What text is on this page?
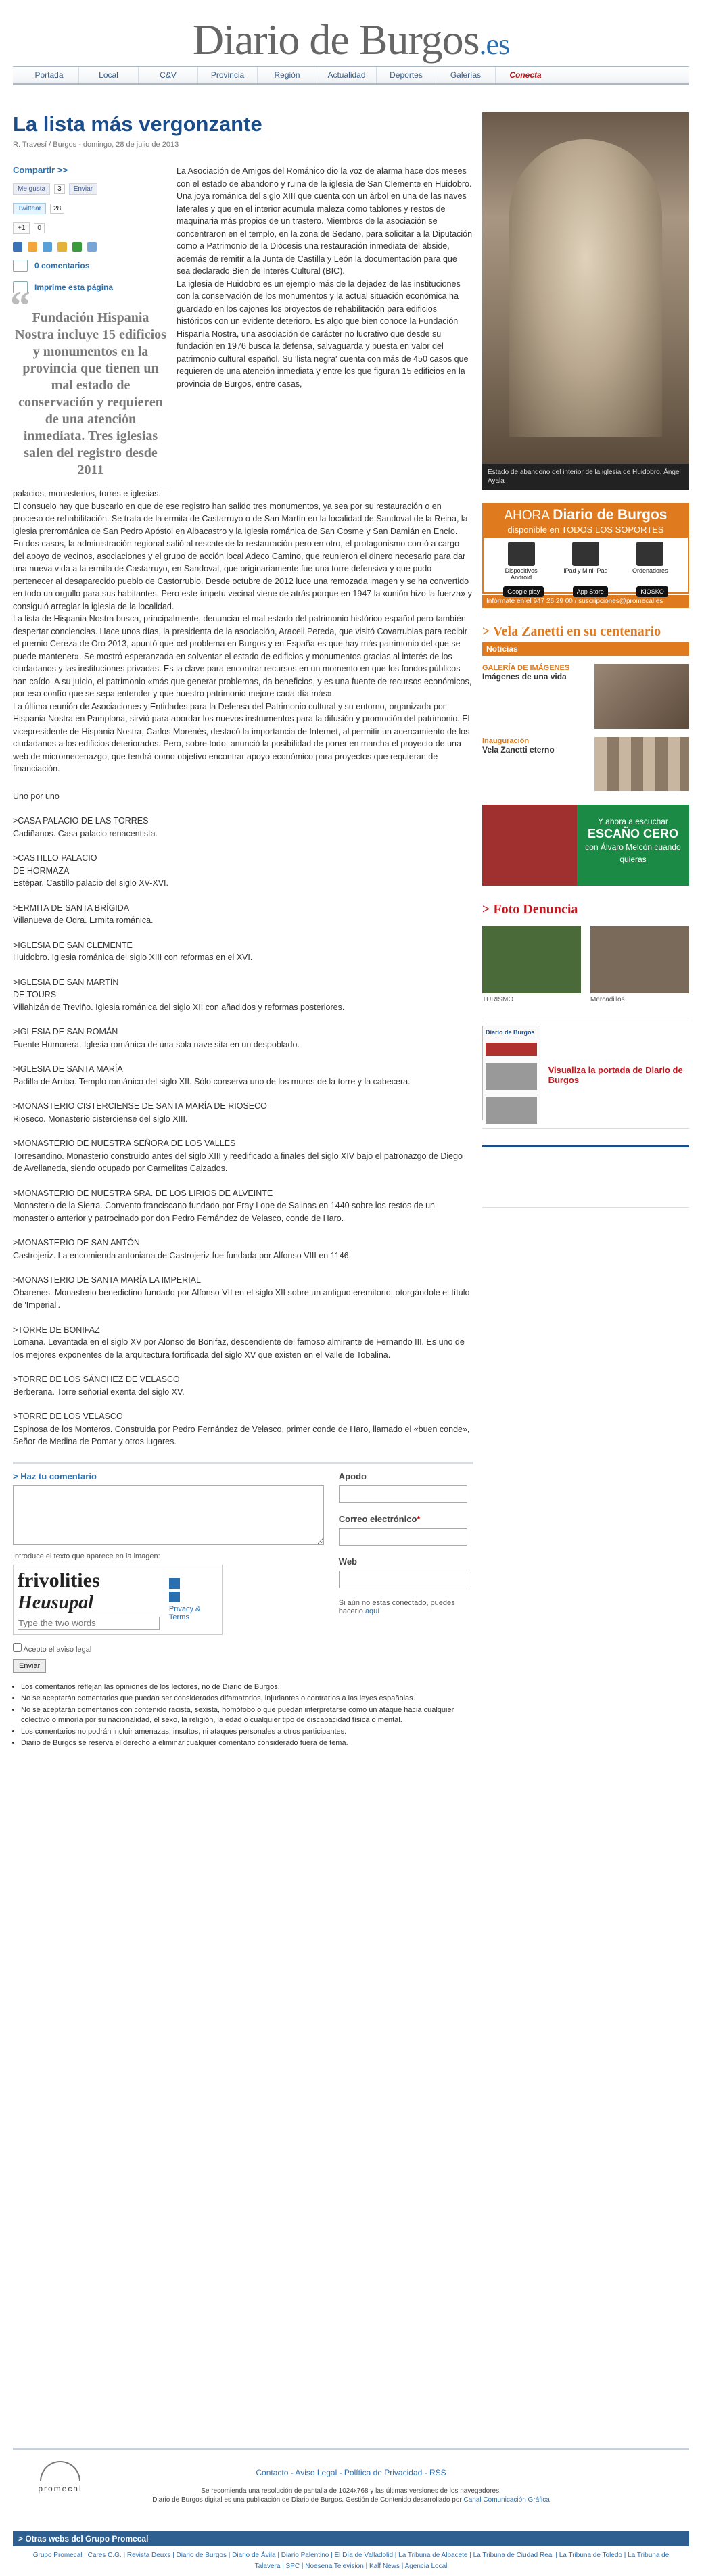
Diario de Burgos.es
Portada	Local	C&V	Provincia	Región	Actualidad	Deportes	Galerías	Conecta
La lista más vergonzante
R. Travesí / Burgos - domingo, 28 de julio de 2013
Compartir >>
Me gusta	3	Enviar
Twittear	28
+1	0
0 comentarios
Imprime esta página
“ Fundación Hispania Nostra incluye 15 edificios y monumentos en la provincia que tienen un mal estado de conservación y requieren de una atención inmediata. Tres iglesias salen del registro desde 2011

La Asociación de Amigos del Románico dio la voz de alarma hace dos meses con el estado de abandono y ruina de la iglesia de San Clemente en Huidobro. Una joya románica del siglo XIII que cuenta con un árbol en una de las naves laterales y que en el interior acumula maleza como tablones y restos de maquinaria más propios de un trastero. Miembros de la asociación se concentraron en el templo, en la zona de Sedano, para solicitar a la Diputación como a Patrimonio de la Diócesis una restauración inmediata del ábside, además de remitir a la Junta de Castilla y León la documentación para que sea declarado Bien de Interés Cultural (BIC).

La iglesia de Huidobro es un ejemplo más de la dejadez de las instituciones con la conservación de los monumentos y la actual situación económica ha guardado en los cajones los proyectos de rehabilitación para edificios históricos con un evidente deterioro. Es algo que bien conoce la Fundación Hispania Nostra, una asociación de carácter no lucrativo que desde su fundación en 1976 busca la defensa, salvaguarda y puesta en valor del patrimonio cultural español. Su 'lista negra' cuenta con más de 450 casos que requieren de una atención inmediata y entre los que figuran 15 edificios en la provincia de Burgos, entre casas,

palacios, monasterios, torres e iglesias.

El consuelo hay que buscarlo en que de ese registro han salido tres monumentos, ya sea por su restauración o en proceso de rehabilitación. Se trata de la ermita de Castarruyo o de San Martín en la localidad de Sandoval de la Reina, la iglesia prerrománica de San Pedro Apóstol en Albacastro y la iglesia románica de San Cosme y San Damián en Encío.

En dos casos, la administración regional salió al rescate de la restauración pero en otro, el protagonismo corrió a cargo del apoyo de vecinos, asociaciones y el grupo de acción local Adeco Camino, que reunieron el dinero necesario para dar una nueva vida a la ermita de Castarruyo, en Sandoval, que originariamente fue una torre defensiva y que pudo pertenecer al desaparecido pueblo de Castorrubio. Desde octubre de 2012 luce una remozada imagen y se ha convertido en todo un orgullo para sus habitantes. Pero este ímpetu vecinal viene de atrás porque en 1947 la «unión hizo la fuerza» y consiguió arreglar la iglesia de la localidad.

La lista de Hispania Nostra busca, principalmente, denunciar el mal estado del patrimonio histórico español pero también despertar conciencias. Hace unos días, la presidenta de la asociación, Araceli Pereda, que visitó Covarrubias para recibir el premio Cereza de Oro 2013, apuntó que «el problema en Burgos y en España es que hay más patrimonio del que se puede mantener». Se mostró esperanzada en solventar el estado de edificios y monumentos gracias al interés de los ciudadanos y las instituciones privadas. Es la clave para encontrar recursos en un momento en que los fondos públicos han caído. A su juicio, el patrimonio «más que generar problemas, da beneficios, y es una fuente de recursos económicos, por eso confío que se sepa entender y que nuestro patrimonio mejore cada día más».

La última reunión de Asociaciones y Entidades para la Defensa del Patrimonio cultural y su entorno, organizada por Hispania Nostra en Pamplona, sirvió para abordar los nuevos instrumentos para la difusión y promoción del patrimonio. El vicepresidente de Hispania Nostra, Carlos Morenés, destacó la importancia de Internet, al permitir un acercamiento de los ciudadanos a los edificios deteriorados. Pero, sobre todo, anunció la posibilidad de poner en marcha el proyecto de una web de micromecenazgo, que tendrá como objetivo encontrar apoyo económico para proyectos que requieran de financiación.

Uno por uno
>CASA PALACIO DE LAS TORRES
Cadiñanos. Casa palacio renacentista.
>CASTILLO PALACIO
DE HORMAZA
Estépar. Castillo palacio del siglo XV-XVI.
>ERMITA DE SANTA BRÍGIDA
Villanueva de Odra. Ermita románica.
>IGLESIA DE SAN CLEMENTE
Huidobro. Iglesia románica del siglo XIII con reformas en el XVI.
>IGLESIA DE SAN MARTÍN
DE TOURS
Villahizán de Treviño. Iglesia románica del siglo XII con añadidos y reformas posteriores.
>IGLESIA DE SAN ROMÁN
Fuente Humorera. Iglesia románica de una sola nave sita en un despoblado.
>IGLESIA DE SANTA MARÍA
Padilla de Arriba. Templo románico del siglo XII. Sólo conserva uno de los muros de la torre y la cabecera.
>MONASTERIO CISTERCIENSE DE SANTA MARÍA DE RIOSECO
Rioseco. Monasterio cisterciense del siglo XIII.
>MONASTERIO DE NUESTRA SEÑORA DE LOS VALLES
Torresandino. Monasterio construido antes del siglo XIII y reedificado a finales del siglo XIV bajo el patronazgo de Diego de Avellaneda, siendo ocupado por Carmelitas Calzados.
>MONASTERIO DE NUESTRA SRA. DE LOS LIRIOS DE ALVEINTE
Monasterio de la Sierra. Convento franciscano fundado por Fray Lope de Salinas en 1440 sobre los restos de un monasterio anterior y patrocinado por don Pedro Fernández de Velasco, conde de Haro.
>MONASTERIO DE SAN ANTÓN
Castrojeriz. La encomienda antoniana de Castrojeriz fue fundada por Alfonso VIII en 1146.
>MONASTERIO DE SANTA MARÍA LA IMPERIAL
Obarenes. Monasterio benedictino fundado por Alfonso VII en el siglo XII sobre un antiguo eremitorio, otorgándole el título de 'Imperial'.
>TORRE DE BONIFAZ
Lomana. Levantada en el siglo XV por Alonso de Bonifaz, descendiente del famoso almirante de Fernando III. Es uno de los mejores exponentes de la arquitectura fortificada del siglo XV que existen en el Valle de Tobalina.
>TORRE DE LOS SÁNCHEZ DE VELASCO
Berberana. Torre señorial exenta del siglo XV.
>TORRE DE LOS VELASCO
Espinosa de los Monteros. Construida por Pedro Fernández de Velasco, primer conde de Haro, llamado el «buen conde», Señor de Medina de Pomar y otros lugares.
> Haz tu comentario
Introduce el texto que aparece en la imagen:
frivolities Heusupal
Type the two words	Privacy & Terms
Acepto el aviso legal
Enviar
Apodo
Correo electrónico*
Web
Si aún no estas conectado, puedes hacerlo aquí
• Los comentarios reflejan las opiniones de los lectores, no de Diario de Burgos.
• No se aceptarán comentarios que puedan ser considerados difamatorios, injuriantes o contrarios a las leyes españolas.
• No se aceptarán comentarios con contenido racista, sexista, homófobo o que puedan interpretarse como un ataque hacia cualquier colectivo o minoría por su nacionalidad, el sexo, la religión, la edad o cualquier tipo de discapacidad física o mental.
• Los comentarios no podrán incluir amenazas, insultos, ni ataques personales a otros participantes.
• Diario de Burgos se reserva el derecho a eliminar cualquier comentario considerado fuera de tema.
Estado de abandono del interior de la iglesia de Huidobro. Ángel Ayala
AHORA Diario de Burgos
disponible en TODOS LOS SOPORTES
Dispositivos Android
iPad y Mini-iPad	Ordenadores
Google play	App Store	KIOSKO
Infórmate en el 947 26 29 00 / suscripciones@promecal.es
> Vela Zanetti en su centenario
Noticias
GALERÍA DE IMÁGENES
Imágenes de una vida
Inauguración
Vela Zanetti eterno
Y ahora a escuchar
ESCAÑO CERO
con Álvaro Melcón cuando quieras
> Foto Denuncia
TURISMO	Mercadillos
Diario de Burgos
Visualiza la portada de Diario de Burgos
promecal
Contacto - Aviso Legal - Política de Privacidad - RSS
Se recomienda una resolución de pantalla de 1024x768 y las últimas versiones de los navegadores.
Diario de Burgos digital es una publicación de Diario de Burgos. Gestión de Contenido desarrollado por Canal Comunicación Gráfica
> Otras webs del Grupo Promecal
Grupo Promecal | Cares C.G. | Revista Deuxs | Diario de Burgos | Diario de Ávila | Diario Palentino | El Día de Valladolid | La Tribuna de Albacete | La Tribuna de Ciudad Real | La Tribuna de Toledo | La Tribuna de Talavera | SPC | Noesena Television | Kalf News | Agencia Local
